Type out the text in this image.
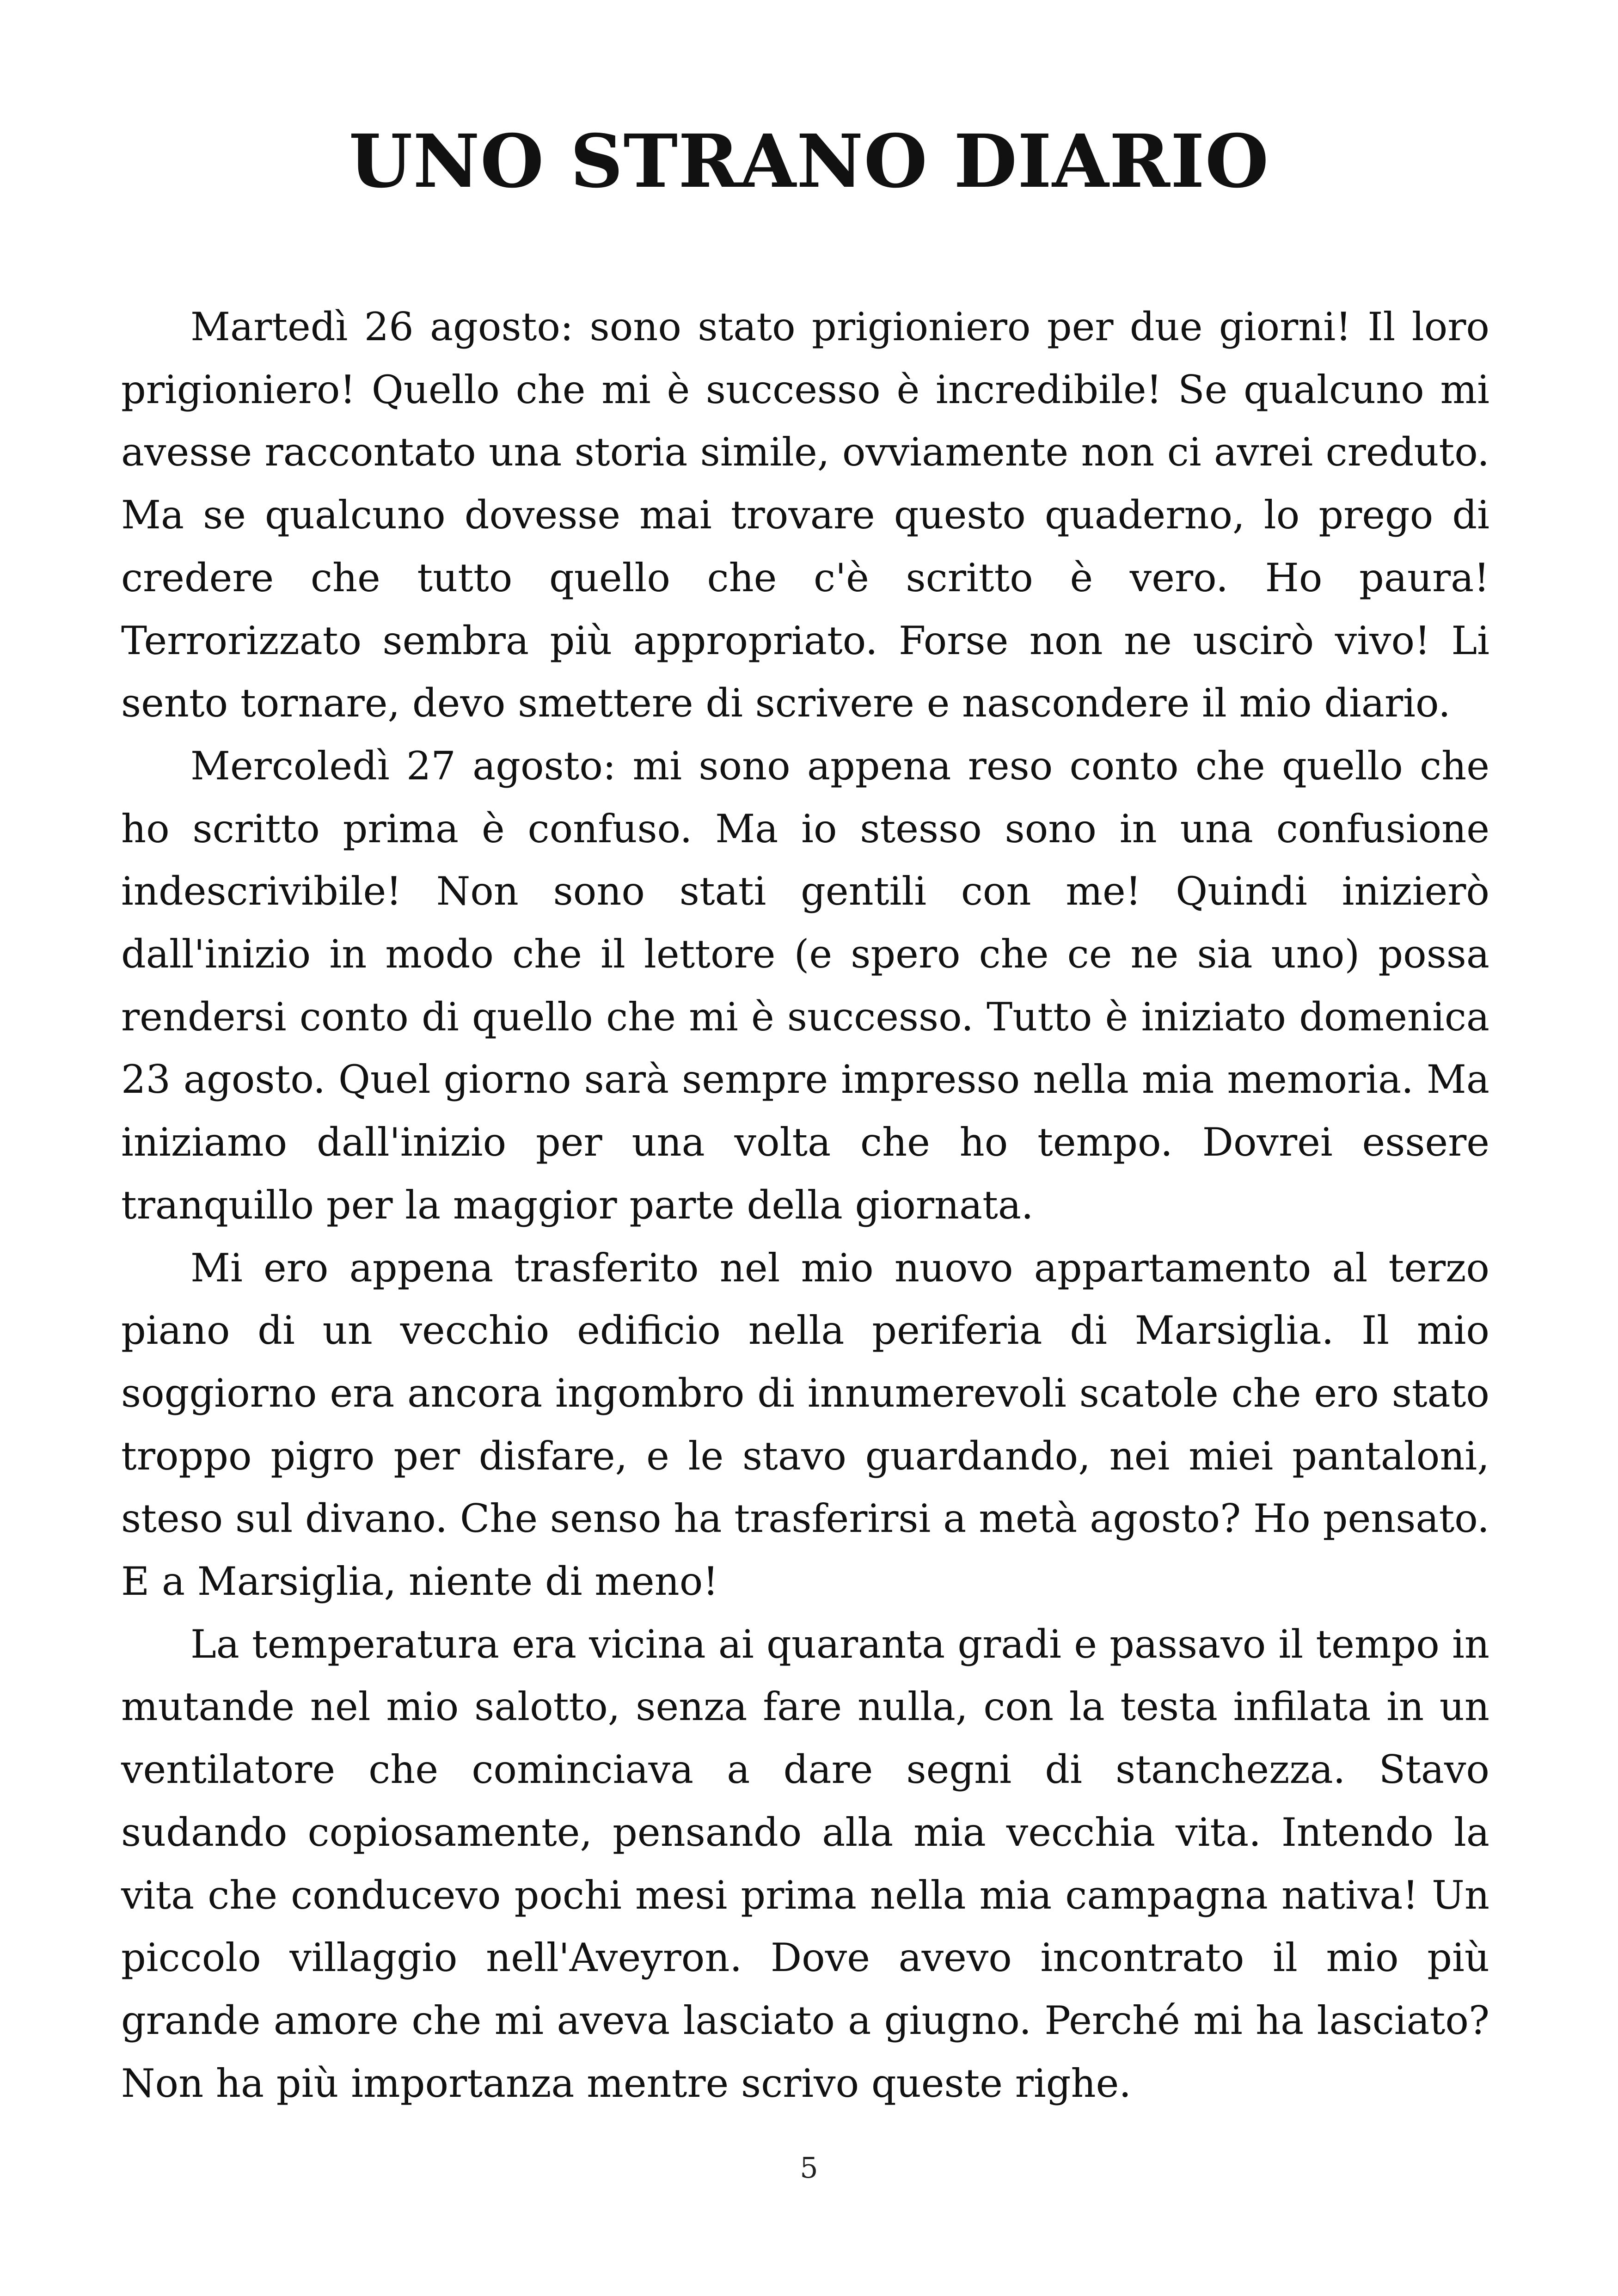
UNO STRANO DIARIO

Martedì 26 agosto: sono stato prigioniero per due giorni! Il loro prigioniero! Quello che mi è successo è incredibile! Se qualcuno mi avesse raccontato una storia simile, ovviamente non ci avrei creduto. Ma se qualcuno dovesse mai trovare questo quaderno, lo prego di credere che tutto quello che c'è scritto è vero. Ho paura! Terrorizzato sembra più appropriato. Forse non ne uscirò vivo! Li sento tornare, devo smettere di scrivere e nascondere il mio diario.

Mercoledì 27 agosto: mi sono appena reso conto che quello che ho scritto prima è confuso. Ma io stesso sono in una confusione indescrivibile! Non sono stati gentili con me! Quindi inizierò dall'inizio in modo che il lettore (e spero che ce ne sia uno) possa rendersi conto di quello che mi è successo. Tutto è iniziato domenica 23 agosto. Quel giorno sarà sempre impresso nella mia memoria. Ma iniziamo dall'inizio per una volta che ho tempo. Dovrei essere tranquillo per la maggior parte della giornata.

Mi ero appena trasferito nel mio nuovo appartamento al terzo piano di un vecchio edificio nella periferia di Marsiglia. Il mio soggiorno era ancora ingombro di innumerevoli scatole che ero stato troppo pigro per disfare, e le stavo guardando, nei miei pantaloni, steso sul divano. Che senso ha trasferirsi a metà agosto? Ho pensato. E a Marsiglia, niente di meno!

La temperatura era vicina ai quaranta gradi e passavo il tempo in mutande nel mio salotto, senza fare nulla, con la testa infilata in un ventilatore che cominciava a dare segni di stanchezza. Stavo sudando copiosamente, pensando alla mia vecchia vita. Intendo la vita che conducevo pochi mesi prima nella mia campagna nativa! Un piccolo villaggio nell'Aveyron. Dove avevo incontrato il mio più grande amore che mi aveva lasciato a giugno. Perché mi ha lasciato? Non ha più importanza mentre scrivo queste righe.

5
